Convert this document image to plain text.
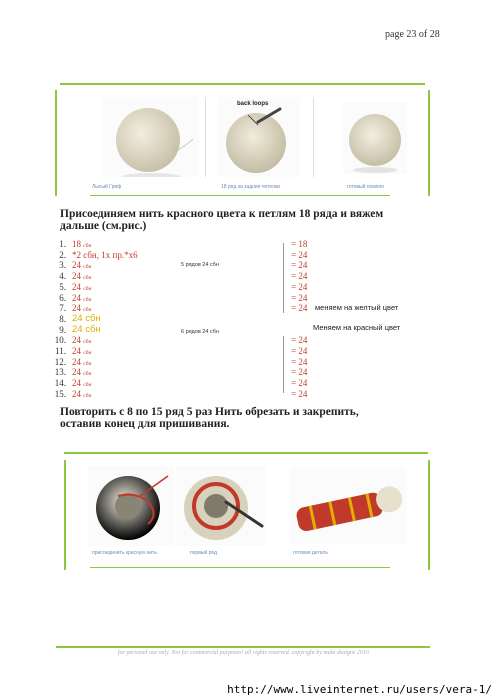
page 23 of 28
back loops
Лысый Гриф	18 ряд за задние петелки	готовый помпон
Присоединяем нить красного цвета к петлям 18 ряда и вяжем дальше (см.рис.)
1. 18 сбн	= 18
2. *2 сбн, 1х пр.*х6	= 24
3. 24 сбн	= 24
4. 24 сбн	= 24
5. 24 сбн	= 24
6. 24 сбн	= 24
7. 24 сбн	= 24
8. 24 сбн
9. 24 сбн
10. 24 сбн	= 24
11. 24 сбн	= 24
12. 24 сбн	= 24
13. 24 сбн	= 24
14. 24 сбн	= 24
15. 24 сбн	= 24
5 рядов 24 сбн
6 рядов 24 сбн
меняем на желтый цвет
Меняем на красный цвет
Повторить с 8 по 15 ряд 5 раз Нить обрезать и закрепить, оставив конец для пришивания.
присоединить красную нить	первый ряд	готовая деталь
for personal use only. Not for commercial purposes! all rights reserved. copyright by mala dsaigns 2010
http://www.liveinternet.ru/users/vera-1/
